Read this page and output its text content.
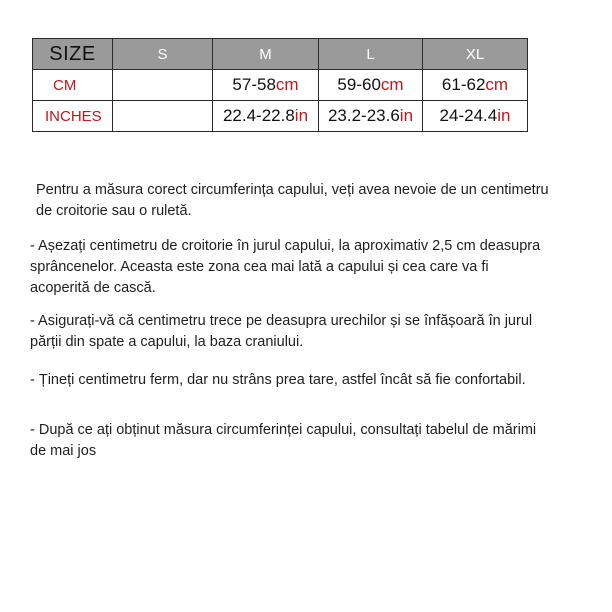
SIZE	S	M	L	XL
CM		57-58cm	59-60cm	61-62cm
INCHES		22.4-22.8in	23.2-23.6in	24-24.4in
Pentru a măsura corect circumferința capului, veți avea nevoie de un centimetru de croitorie sau o ruletă.
- Așezați centimetru de croitorie în jurul capului, la aproximativ 2,5 cm deasupra sprâncenelor. Aceasta este zona cea mai lată a capului și cea care va fi acoperită de cască.
- Asigurați-vă că centimetru trece pe deasupra urechilor și se înfășoară în jurul părții din spate a capului, la baza craniului.
- Țineți centimetru ferm, dar nu strâns prea tare, astfel încât să fie confortabil.
- După ce ați obținut măsura circumferinței capului, consultați tabelul de mărimi de mai jos
